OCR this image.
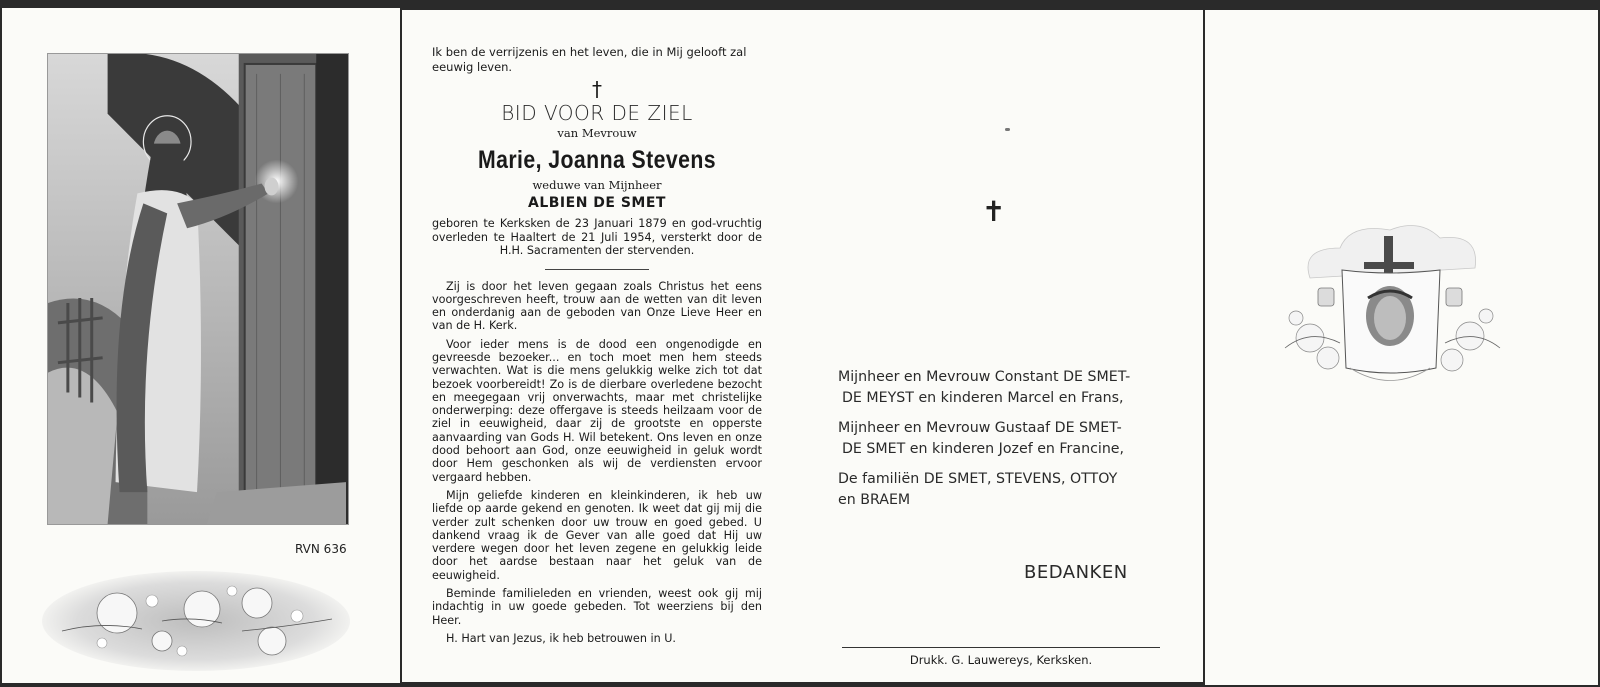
RVN 636
Ik ben de verrijzenis en het leven, die in Mij gelooft zal eeuwig leven.
†
BID VOOR DE ZIEL
van Mevrouw
Marie, Joanna Stevens
weduwe van Mijnheer
ALBIEN DE SMET
geboren te Kerksken de 23 Januari 1879 en god-vruchtig overleden te Haaltert de 21 Juli 1954, versterkt door de H.H. Sacramenten der stervenden.

Zij is door het leven gegaan zoals Christus het eens voorgeschreven heeft, trouw aan de wetten van dit leven en onderdanig aan de geboden van Onze Lieve Heer en van de H. Kerk.

Voor ieder mens is de dood een ongenodigde en gevreesde bezoeker... en toch moet men hem steeds verwachten. Wat is die mens gelukkig welke zich tot dat bezoek voorbereidt! Zo is de dierbare overledene bezocht en meegegaan vrij onverwachts, maar met christelijke onderwerping: deze offergave is steeds heilzaam voor de ziel in eeuwigheid, daar zij de grootste en opperste aanvaarding van Gods H. Wil betekent. Ons leven en onze dood behoort aan God, onze eeuwigheid in geluk wordt door Hem geschonken als wij de verdiensten ervoor vergaard hebben.

Mijn geliefde kinderen en kleinkinderen, ik heb uw liefde op aarde gekend en genoten. Ik weet dat gij mij die verder zult schenken door uw trouw en goed gebed. U dankend vraag ik de Gever van alle goed dat Hij uw verdere wegen door het leven zegene en gelukkig leide door het aardse bestaan naar het geluk van de eeuwigheid.

Beminde familieleden en vrienden, weest ook gij mij indachtig in uw goede gebeden. Tot weerziens bij den Heer.

H. Hart van Jezus, ik heb betrouwen in U.

✝
Mijnheer en Mevrouw Constant DE SMET-
DE MEYST en kinderen Marcel en Frans,
Mijnheer en Mevrouw Gustaaf DE SMET-
DE SMET en kinderen Jozef en Francine,
De familiën DE SMET, STEVENS, OTTOY
en BRAEM
BEDANKEN
Drukk. G. Lauwereys, Kerksken.
